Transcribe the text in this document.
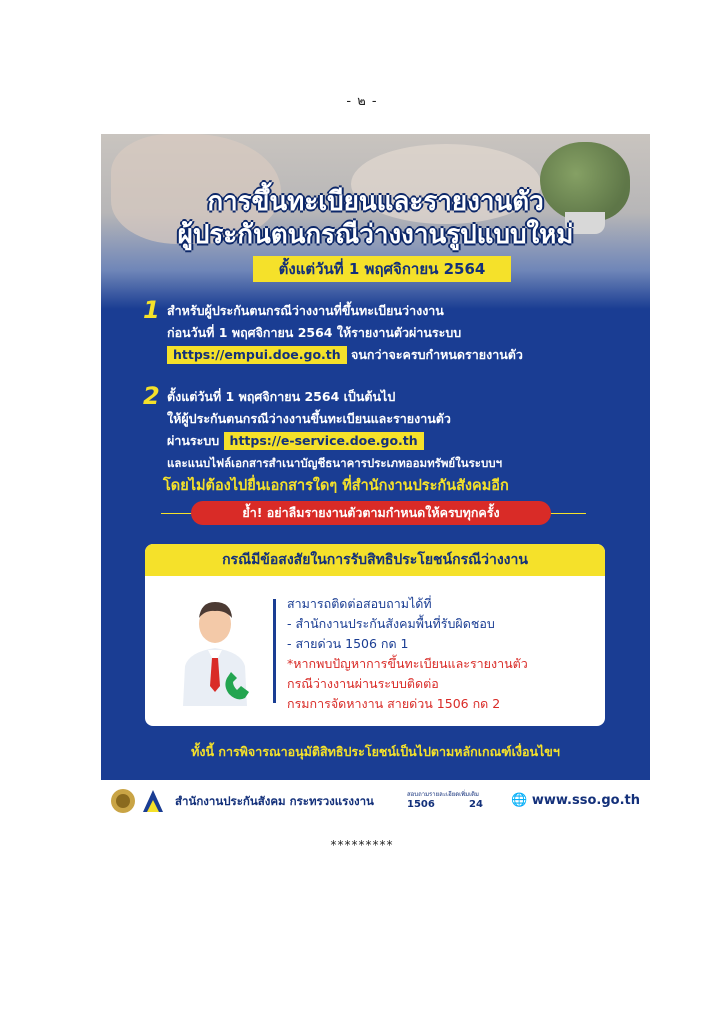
- ๒ -
การขึ้นทะเบียนและรายงานตัว
ผู้ประกันตนกรณีว่างงานรูปแบบใหม่
ตั้งแต่วันที่ 1 พฤศจิกายน 2564
1 สำหรับผู้ประกันตนกรณีว่างงานที่ขึ้นทะเบียนว่างงาน
ก่อนวันที่ 1 พฤศจิกายน 2564 ให้รายงานตัวผ่านระบบ
https://empui.doe.go.th จนกว่าจะครบกำหนดรายงานตัว
2 ตั้งแต่วันที่ 1 พฤศจิกายน 2564 เป็นต้นไป
ให้ผู้ประกันตนกรณีว่างงานขึ้นทะเบียนและรายงานตัว
ผ่านระบบ https://e-service.doe.go.th
และแนบไฟล์เอกสารสำเนาบัญชีธนาคารประเภทออมทรัพย์ในระบบฯ
โดยไม่ต้องไปยื่นเอกสารใดๆ ที่สำนักงานประกันสังคมอีก
ย้ำ! อย่าลืมรายงานตัวตามกำหนดให้ครบทุกครั้ง
กรณีมีข้อสงสัยในการรับสิทธิประโยชน์กรณีว่างงาน
สามารถติดต่อสอบถามได้ที่
- สำนักงานประกันสังคมพื้นที่รับผิดชอบ
- สายด่วน 1506 กด 1
*หากพบปัญหาการขึ้นทะเบียนและรายงานตัว
กรณีว่างงานผ่านระบบติดต่อ
กรมการจัดหางาน สายด่วน 1506 กด 2
ทั้งนี้ การพิจารณาอนุมัติสิทธิประโยชน์เป็นไปตามหลักเกณฑ์เงื่อนไขฯ
สำนักงานประกันสังคม กระทรวงแรงงาน	สอบถามรายละเอียดเพิ่มเติม
1506	24 🌐 www.sso.go.th
*********
